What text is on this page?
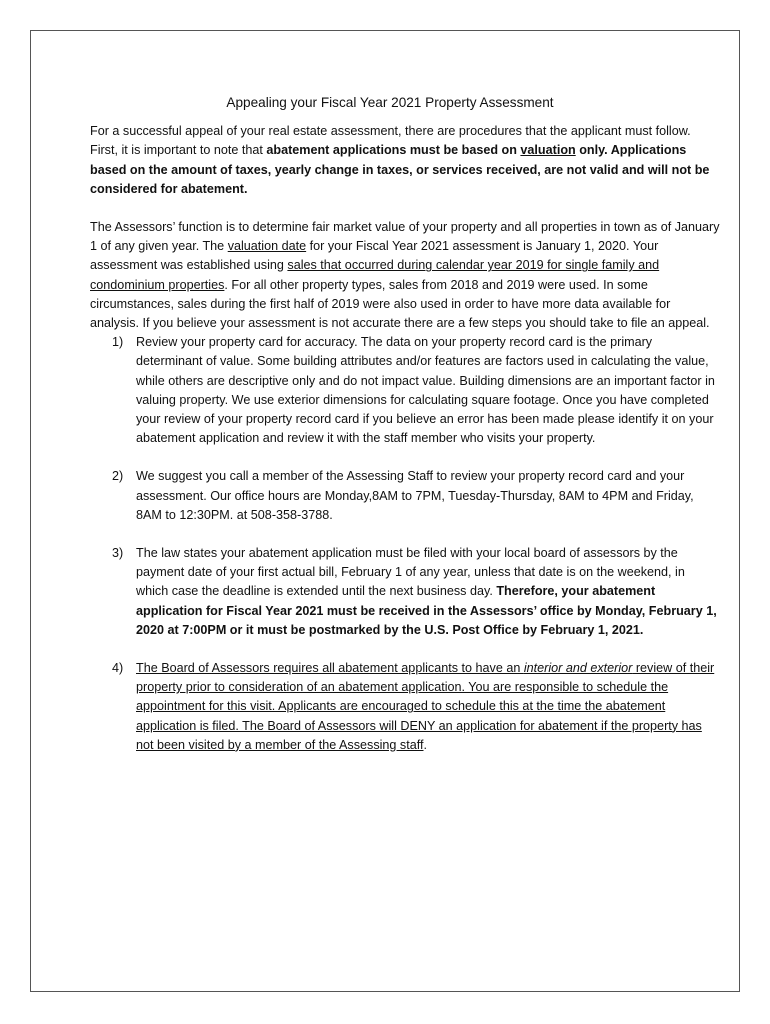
Appealing your Fiscal Year 2021 Property Assessment

For a successful appeal of your real estate assessment, there are procedures that the applicant must follow. First, it is important to note that abatement applications must be based on valuation only. Applications based on the amount of taxes, yearly change in taxes, or services received, are not valid and will not be considered for abatement.

The Assessors’ function is to determine fair market value of your property and all properties in town as of January 1 of any given year. The valuation date for your Fiscal Year 2021 assessment is January 1, 2020. Your assessment was established using sales that occurred during calendar year 2019 for single family and condominium properties. For all other property types, sales from 2018 and 2019 were used. In some circumstances, sales during the first half of 2019 were also used in order to have more data available for analysis. If you believe your assessment is not accurate there are a few steps you should take to file an appeal.

1) Review your property card for accuracy. The data on your property record card is the primary determinant of value. Some building attributes and/or features are factors used in calculating the value, while others are descriptive only and do not impact value. Building dimensions are an important factor in valuing property. We use exterior dimensions for calculating square footage. Once you have completed your review of your property record card if you believe an error has been made please identify it on your abatement application and review it with the staff member who visits your property.
2) We suggest you call a member of the Assessing Staff to review your property record card and your assessment. Our office hours are Monday,8AM to 7PM, Tuesday-Thursday, 8AM to 4PM and Friday, 8AM to 12:30PM. at 508-358-3788.
3) The law states your abatement application must be filed with your local board of assessors by the payment date of your first actual bill, February 1 of any year, unless that date is on the weekend, in which case the deadline is extended until the next business day. Therefore, your abatement application for Fiscal Year 2021 must be received in the Assessors’ office by Monday, February 1, 2020 at 7:00PM or it must be postmarked by the U.S. Post Office by February 1, 2021.
4) The Board of Assessors requires all abatement applicants to have an interior and exterior review of their property prior to consideration of an abatement application. You are responsible to schedule the appointment for this visit. Applicants are encouraged to schedule this at the time the abatement application is filed. The Board of Assessors will DENY an application for abatement if the property has not been visited by a member of the Assessing staff.
